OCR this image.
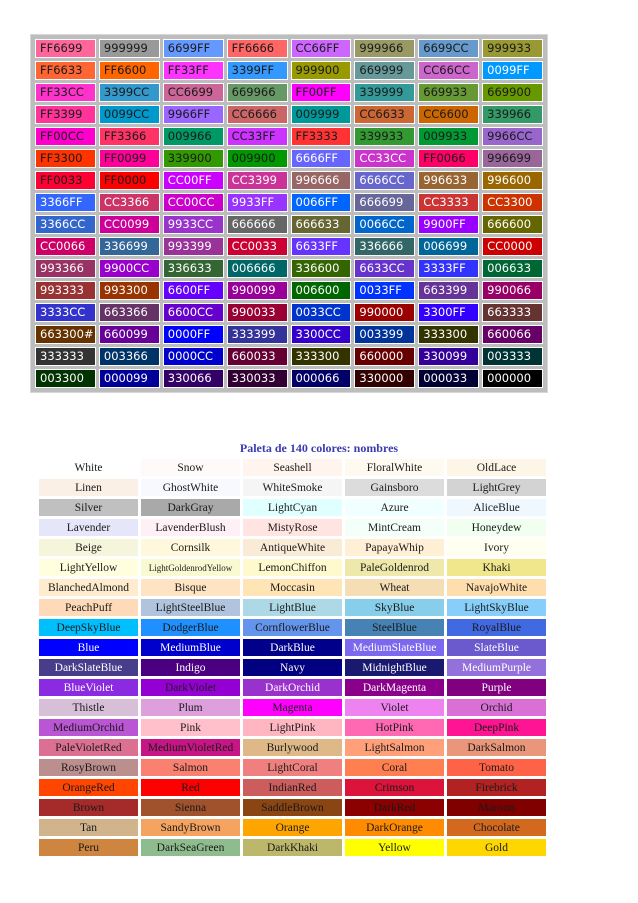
FF6699	999999	6699FF	FF6666	CC66FF	999966	6699CC	999933
FF6633	FF6600	FF33FF	3399FF	999900	669999	CC66CC	0099FF
FF33CC	3399CC	CC6699	669966	FF00FF	339999	669933	669900
FF3399	0099CC	9966FF	CC6666	009999	CC6633	CC6600	339966
FF00CC	FF3366	009966	CC33FF	FF3333	339933	009933	9966CC
FF3300	FF0099	339900	009900	6666FF	CC33CC	FF0066	996699
FF0033	FF0000	CC00FF	CC3399	996666	6666CC	996633	996600
3366FF	CC3366	CC00CC	9933FF	0066FF	666699	CC3333	CC3300
3366CC	CC0099	9933CC	666666	666633	0066CC	9900FF	666600
CC0066	336699	993399	CC0033	6633FF	336666	006699	CC0000
993366	9900CC	336633	006666	336600	6633CC	3333FF	006633
993333	993300	6600FF	990099	006600	0033FF	663399	990066
3333CC	663366	6600CC	990033	0033CC	990000	3300FF	663333
663300# 660099	0000FF	333399	3300CC	003399	333300	660066
333333	003366	0000CC	660033	333300	660000	330099	003333
003300	000099	330066	330033	000066	330000	000033	000000
Paleta de 140 colores: nombres
White	Snow	Seashell	FloralWhite	OldLace
Linen	GhostWhite	WhiteSmoke	Gainsboro	LightGrey
Silver	DarkGray	LightCyan	Azure	AliceBlue
Lavender	LavenderBlush	MistyRose	MintCream	Honeydew
Beige	Cornsilk	AntiqueWhite	PapayaWhip	Ivory
LightYellow	LightGoldenrodYellow	LemonChiffon	PaleGoldenrod	Khaki
BlanchedAlmond	Bisque	Moccasin	Wheat	NavajoWhite
PeachPuff	LightSteelBlue	LightBlue	SkyBlue	LightSkyBlue
DeepSkyBlue	DodgerBlue	CornflowerBlue	SteelBlue	RoyalBlue
Blue	MediumBlue	DarkBlue	MediumSlateBlue	SlateBlue
DarkSlateBlue	Indigo	Navy	MidnightBlue	MediumPurple
BlueViolet	DarkViolet	DarkOrchid	DarkMagenta	Purple
Thistle	Plum	Magenta	Violet	Orchid
MediumOrchid	Pink	LightPink	HotPink	DeepPink
PaleVioletRed	MediumVioletRed	Burlywood	LightSalmon	DarkSalmon
RosyBrown	Salmon	LightCoral	Coral	Tomato
OrangeRed	Red	IndianRed	Crimson	Firebrick
Brown	Sienna	SaddleBrown	DarkRed	Maroon
Tan	SandyBrown	Orange	DarkOrange	Chocolate
Peru	DarkSeaGreen	DarkKhaki	Yellow	Gold
